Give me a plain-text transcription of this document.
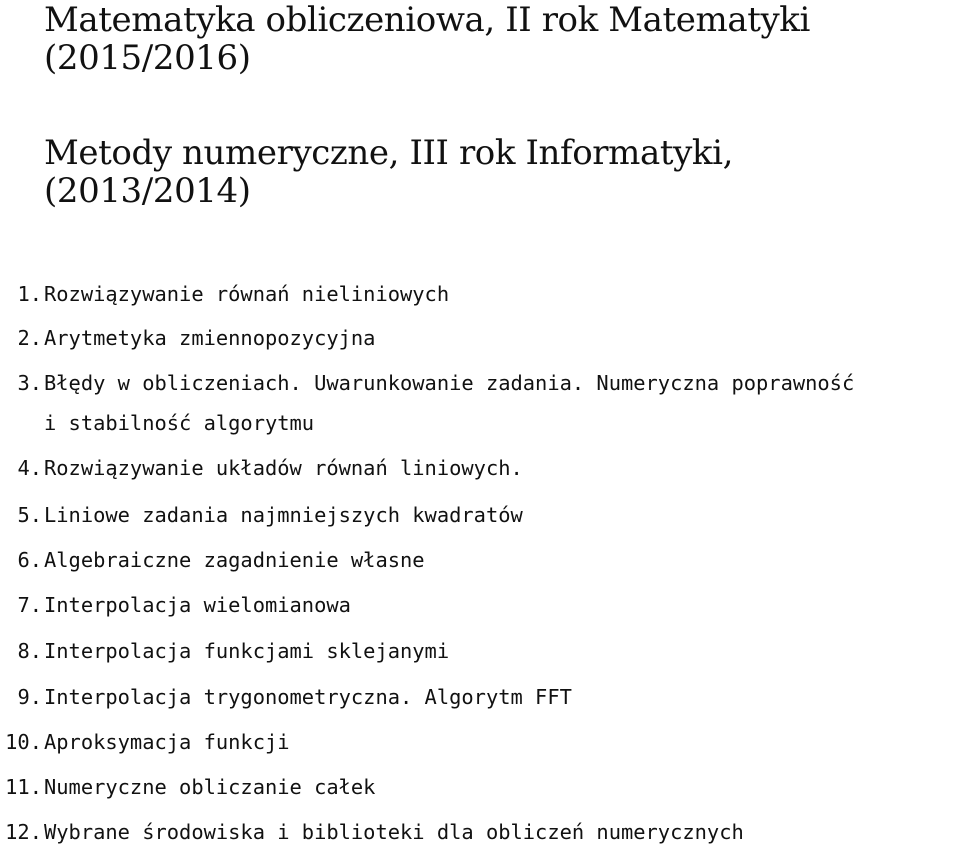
Matematyka obliczeniowa, II rok Matematyki
(2015/2016)
Metody numeryczne, III rok Informatyki,
(2013/2014)
1. Rozwiązywanie równań nieliniowych
2. Arytmetyka zmiennopozycyjna
3. Błędy w obliczeniach. Uwarunkowanie zadania. Numeryczna poprawność
i stabilność algorytmu
4. Rozwiązywanie układów równań liniowych.
5. Liniowe zadania najmniejszych kwadratów
6. Algebraiczne zagadnienie własne
7. Interpolacja wielomianowa
8. Interpolacja funkcjami sklejanymi
9. Interpolacja trygonometryczna. Algorytm FFT
10. Aproksymacja funkcji
11. Numeryczne obliczanie całek
12. Wybrane środowiska i biblioteki dla obliczeń numerycznych
